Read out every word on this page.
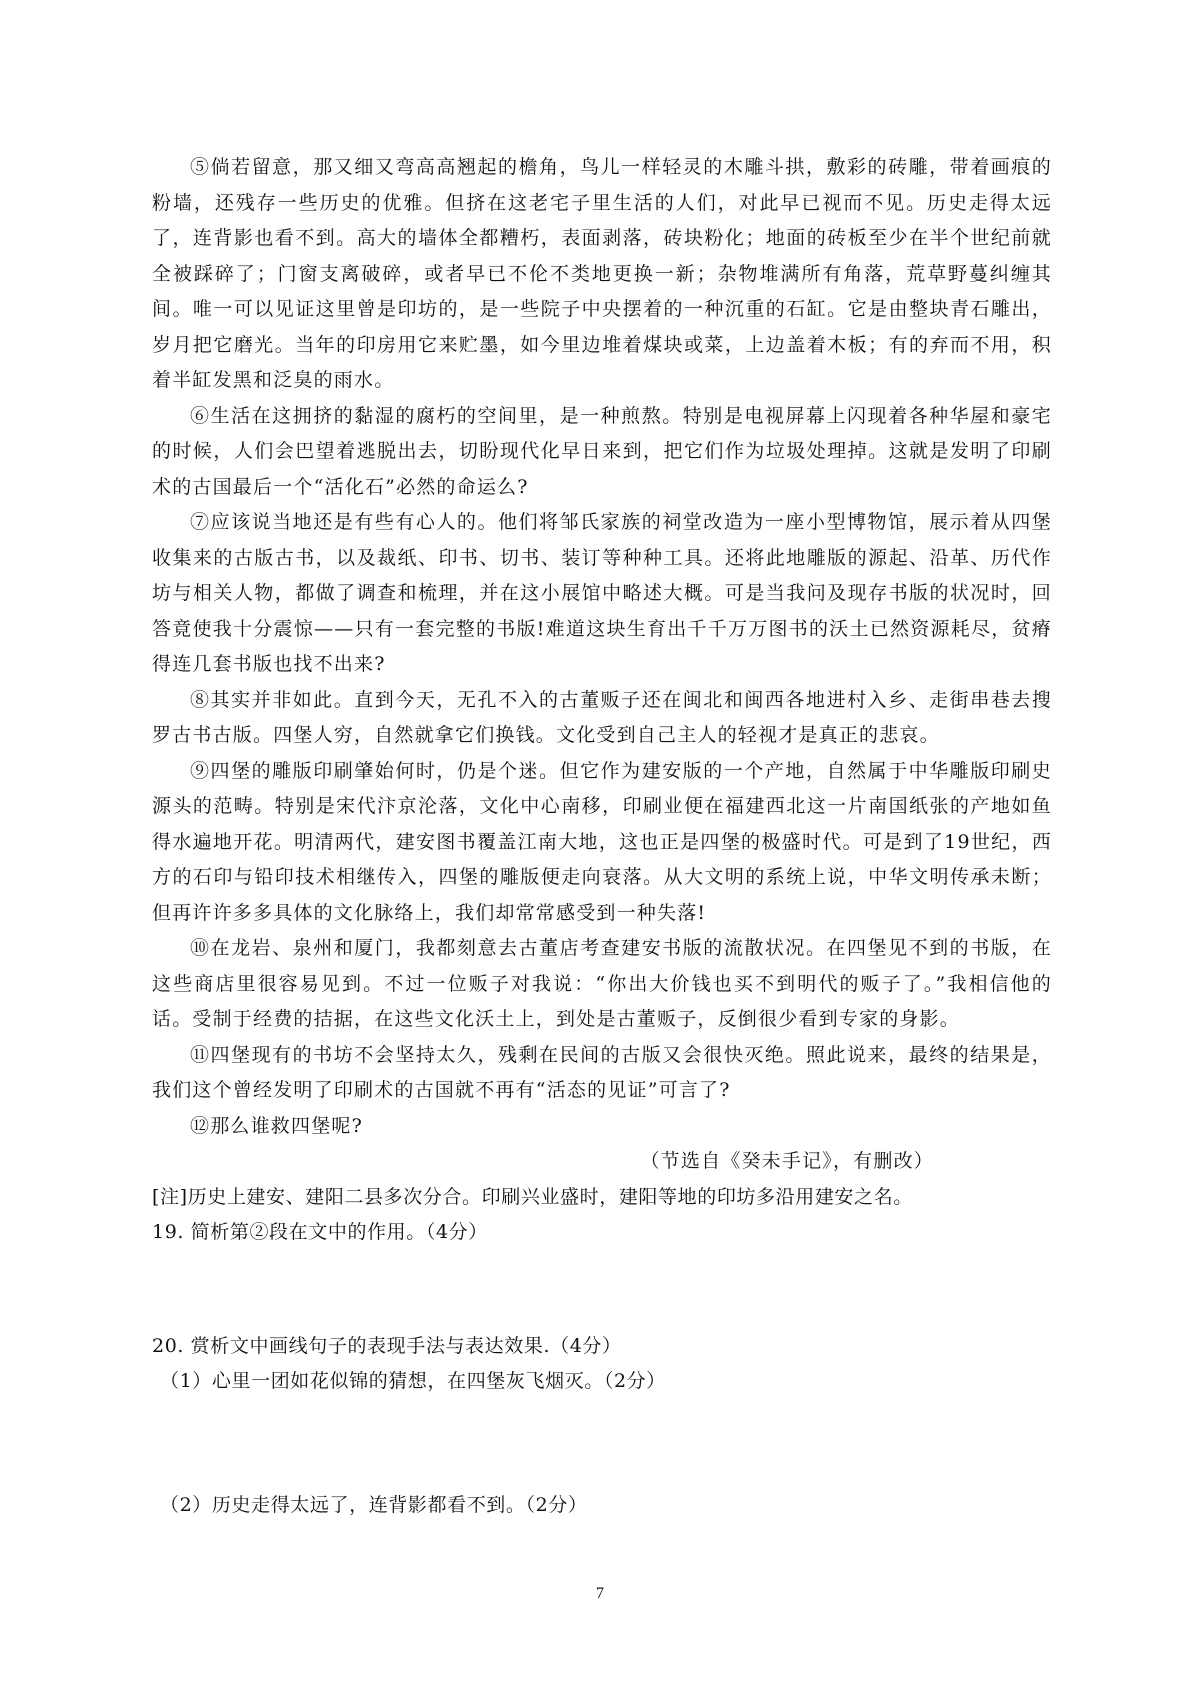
⑤倘若留意，那又细又弯高高翘起的檐角，鸟儿一样轻灵的木雕斗拱，敷彩的砖雕，带着画痕的粉墙，还残存一些历史的优雅。但挤在这老宅子里生活的人们，对此早已视而不见。历史走得太远了，连背影也看不到。高大的墙体全都糟朽，表面剥落，砖块粉化；地面的砖板至少在半个世纪前就全被踩碎了；门窗支离破碎，或者早已不伦不类地更换一新；杂物堆满所有角落，荒草野蔓纠缠其间。唯一可以见证这里曾是印坊的，是一些院子中央摆着的一种沉重的石缸。它是由整块青石雕出，岁月把它磨光。当年的印房用它来贮墨，如今里边堆着煤块或菜，上边盖着木板；有的弃而不用，积着半缸发黑和泛臭的雨水。

⑥生活在这拥挤的黏湿的腐朽的空间里，是一种煎熬。特别是电视屏幕上闪现着各种华屋和豪宅的时候，人们会巴望着逃脱出去，切盼现代化早日来到，把它们作为垃圾处理掉。这就是发明了印刷术的古国最后一个“活化石”必然的命运么?

⑦应该说当地还是有些有心人的。他们将邹氏家族的祠堂改造为一座小型博物馆，展示着从四堡收集来的古版古书，以及裁纸、印书、切书、装订等种种工具。还将此地雕版的源起、沿革、历代作坊与相关人物，都做了调查和梳理，并在这小展馆中略述大概。可是当我问及现存书版的状况时，回答竟使我十分震惊——只有一套完整的书版!难道这块生育出千千万万图书的沃土已然资源耗尽，贫瘠得连几套书版也找不出来?

⑧其实并非如此。直到今天，无孔不入的古董贩子还在闽北和闽西各地进村入乡、走街串巷去搜罗古书古版。四堡人穷，自然就拿它们换钱。文化受到自己主人的轻视才是真正的悲哀。

⑨四堡的雕版印刷肇始何时，仍是个迷。但它作为建安版的一个产地，自然属于中华雕版印刷史源头的范畴。特别是宋代汴京沦落，文化中心南移，印刷业便在福建西北这一片南国纸张的产地如鱼得水遍地开花。明清两代，建安图书覆盖江南大地，这也正是四堡的极盛时代。可是到了19世纪，西方的石印与铅印技术相继传入，四堡的雕版便走向衰落。从大文明的系统上说，中华文明传承未断；但再许许多多具体的文化脉络上，我们却常常感受到一种失落!

⑩在龙岩、泉州和厦门，我都刻意去古董店考查建安书版的流散状况。在四堡见不到的书版，在这些商店里很容易见到。不过一位贩子对我说：“你出大价钱也买不到明代的贩子了。”我相信他的话。受制于经费的拮据，在这些文化沃土上，到处是古董贩子，反倒很少看到专家的身影。

⑪四堡现有的书坊不会坚持太久，残剩在民间的古版又会很快灭绝。照此说来，最终的结果是，我们这个曾经发明了印刷术的古国就不再有“活态的见证”可言了?

⑫那么谁救四堡呢?

（节选自《癸未手记》，有删改）

[注]历史上建安、建阳二县多次分合。印刷兴业盛时，建阳等地的印坊多沿用建安之名。

19. 简析第②段在文中的作用。（4分）

20. 赏析文中画线句子的表现手法与表达效果.（4分）

（1）心里一团如花似锦的猜想，在四堡灰飞烟灭。（2分）

（2）历史走得太远了，连背影都看不到。（2分）

7
